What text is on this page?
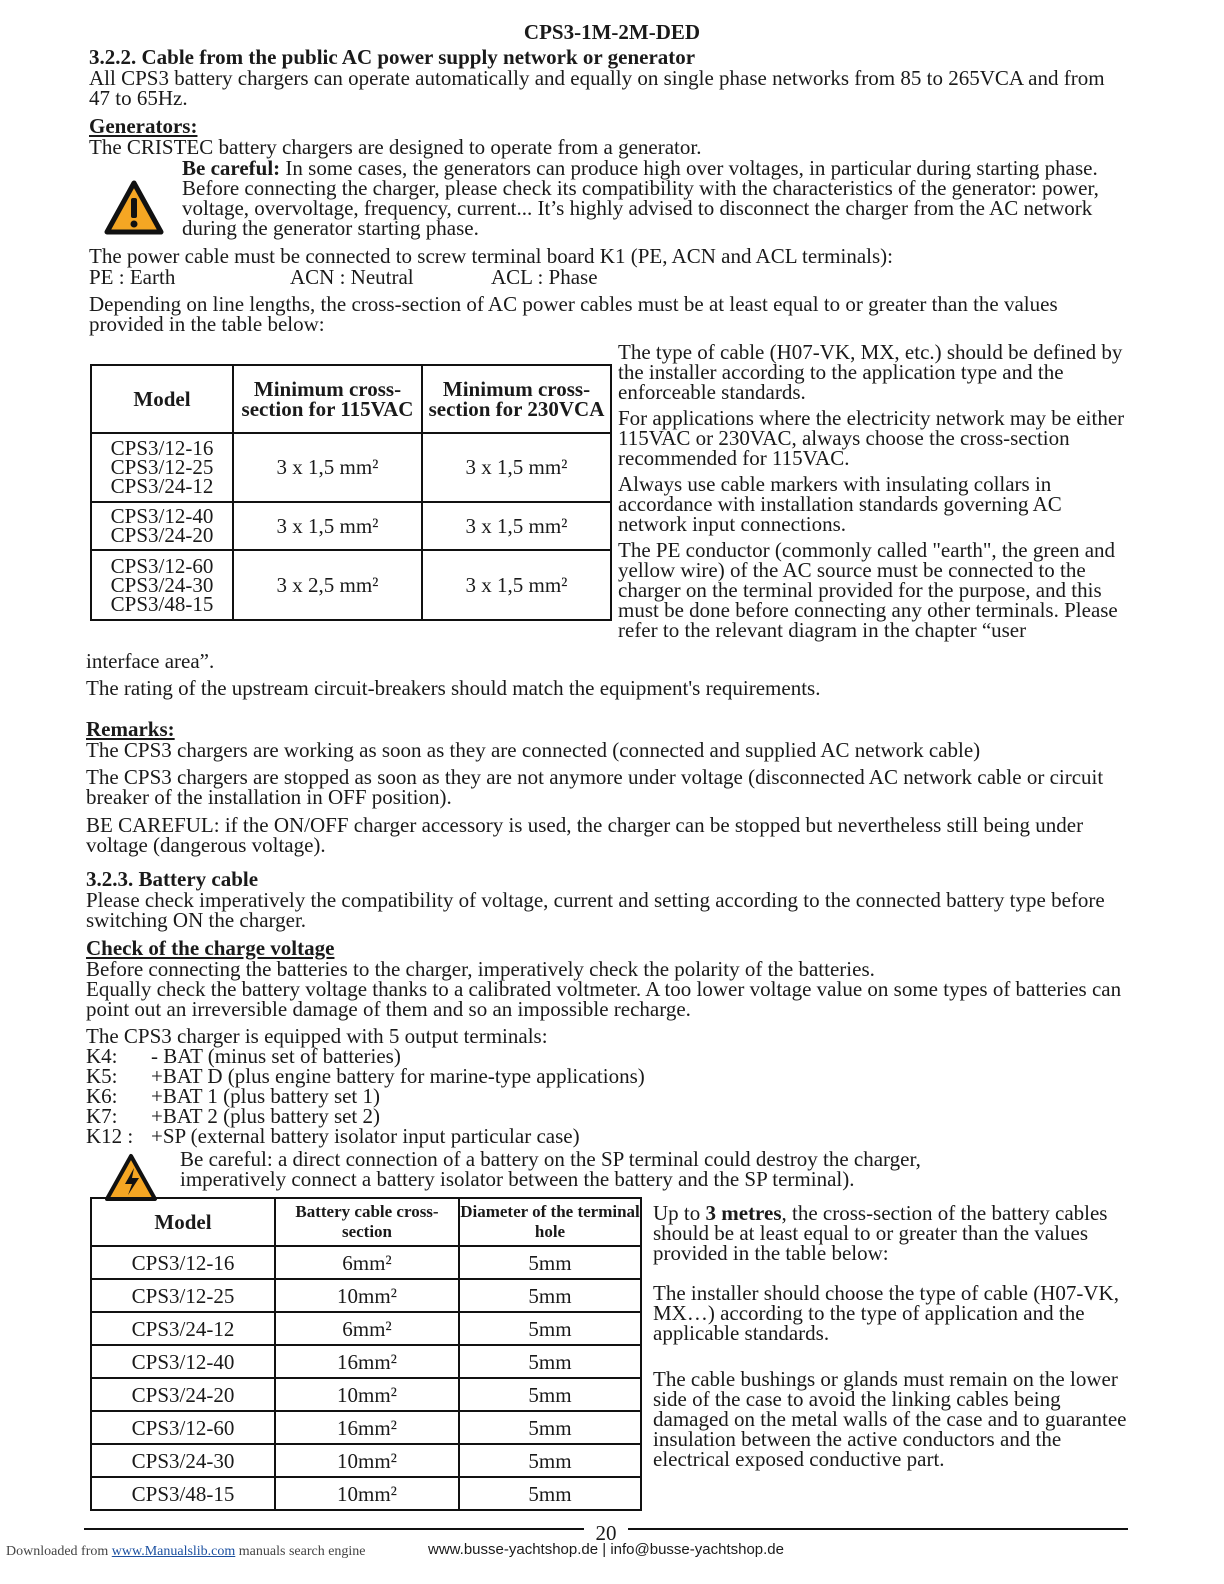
CPS3-1M-2M-DED
3.2.2. Cable from the public AC power supply network or generator

All CPS3 battery chargers can operate automatically and equally on single phase networks from 85 to 265VCA and from 47 to 65Hz.

Generators:

The CRISTEC battery chargers are designed to operate from a generator.

Be careful: In some cases, the generators can produce high over voltages, in particular during starting phase. Before connecting the charger, please check its compatibility with the characteristics of the generator: power, voltage, overvoltage, frequency, current... It’s highly advised to disconnect the charger from the AC network during the generator starting phase.

The power cable must be connected to screw terminal board K1 (PE, ACN and ACL terminals):

PE : Earth	ACN : Neutral	ACL : Phase

Depending on line lengths, the cross-section of AC power cables must be at least equal to or greater than the values provided in the table below:

Model	Minimum cross-section for 115VAC	Minimum cross-section for 230VCA

CPS3/12-16
CPS3/12-25
CPS3/24-12	3 x 1,5 mm²	3 x 1,5 mm²

CPS3/12-40
CPS3/24-20	3 x 1,5 mm²	3 x 1,5 mm²

CPS3/12-60
CPS3/24-30
CPS3/48-15	3 x 2,5 mm²	3 x 1,5 mm²

The type of cable (H07-VK, MX, etc.) should be defined by the installer according to the application type and the enforceable standards.

For applications where the electricity network may be either 115VAC or 230VAC, always choose the cross-section recommended for 115VAC.

Always use cable markers with insulating collars in accordance with installation standards governing AC network input connections.

The PE conductor (commonly called "earth", the green and yellow wire) of the AC source must be connected to the charger on the terminal provided for the purpose, and this must be done before connecting any other terminals. Please refer to the relevant diagram in the chapter “user

interface area”.

The rating of the upstream circuit-breakers should match the equipment's requirements.

Remarks:

The CPS3 chargers are working as soon as they are connected (connected and supplied AC network cable)

The CPS3 chargers are stopped as soon as they are not anymore under voltage (disconnected AC network cable or circuit breaker of the installation in OFF position).

BE CAREFUL: if the ON/OFF charger accessory is used, the charger can be stopped but nevertheless still being under voltage (dangerous voltage).

3.2.3. Battery cable

Please check imperatively the compatibility of voltage, current and setting according to the connected battery type before switching ON the charger.

Check of the charge voltage

Before connecting the batteries to the charger, imperatively check the polarity of the batteries.

Equally check the battery voltage thanks to a calibrated voltmeter. A too lower voltage value on some types of batteries can point out an irreversible damage of them and so an impossible recharge.

The CPS3 charger is equipped with 5 output terminals:

K4: - BAT (minus set of batteries)
K5: +BAT D (plus engine battery for marine-type applications)
K6: +BAT 1 (plus battery set 1)
K7: +BAT 2 (plus battery set 2)
K12 : +SP (external battery isolator input particular case)

Be careful: a direct connection of a battery on the SP terminal could destroy the charger, imperatively connect a battery isolator between the battery and the SP terminal).

Model	Battery cable cross-section	Diameter of the terminal hole
CPS3/12-16	6mm²	5mm
CPS3/12-25	10mm²	5mm
CPS3/24-12	6mm²	5mm
CPS3/12-40	16mm²	5mm
CPS3/24-20	10mm²	5mm
CPS3/12-60	16mm²	5mm
CPS3/24-30	10mm²	5mm
CPS3/48-15	10mm²	5mm

Up to 3 metres, the cross-section of the battery cables should be at least equal to or greater than the values provided in the table below:

The installer should choose the type of cable (H07-VK, MX…) according to the type of application and the applicable standards.

The cable bushings or glands must remain on the lower side of the case to avoid the linking cables being damaged on the metal walls of the case and to guarantee insulation between the active conductors and the electrical exposed conductive part.

20
Downloaded from www.Manualslib.com manuals search engine	www.busse-yachtshop.de | info@busse-yachtshop.de
